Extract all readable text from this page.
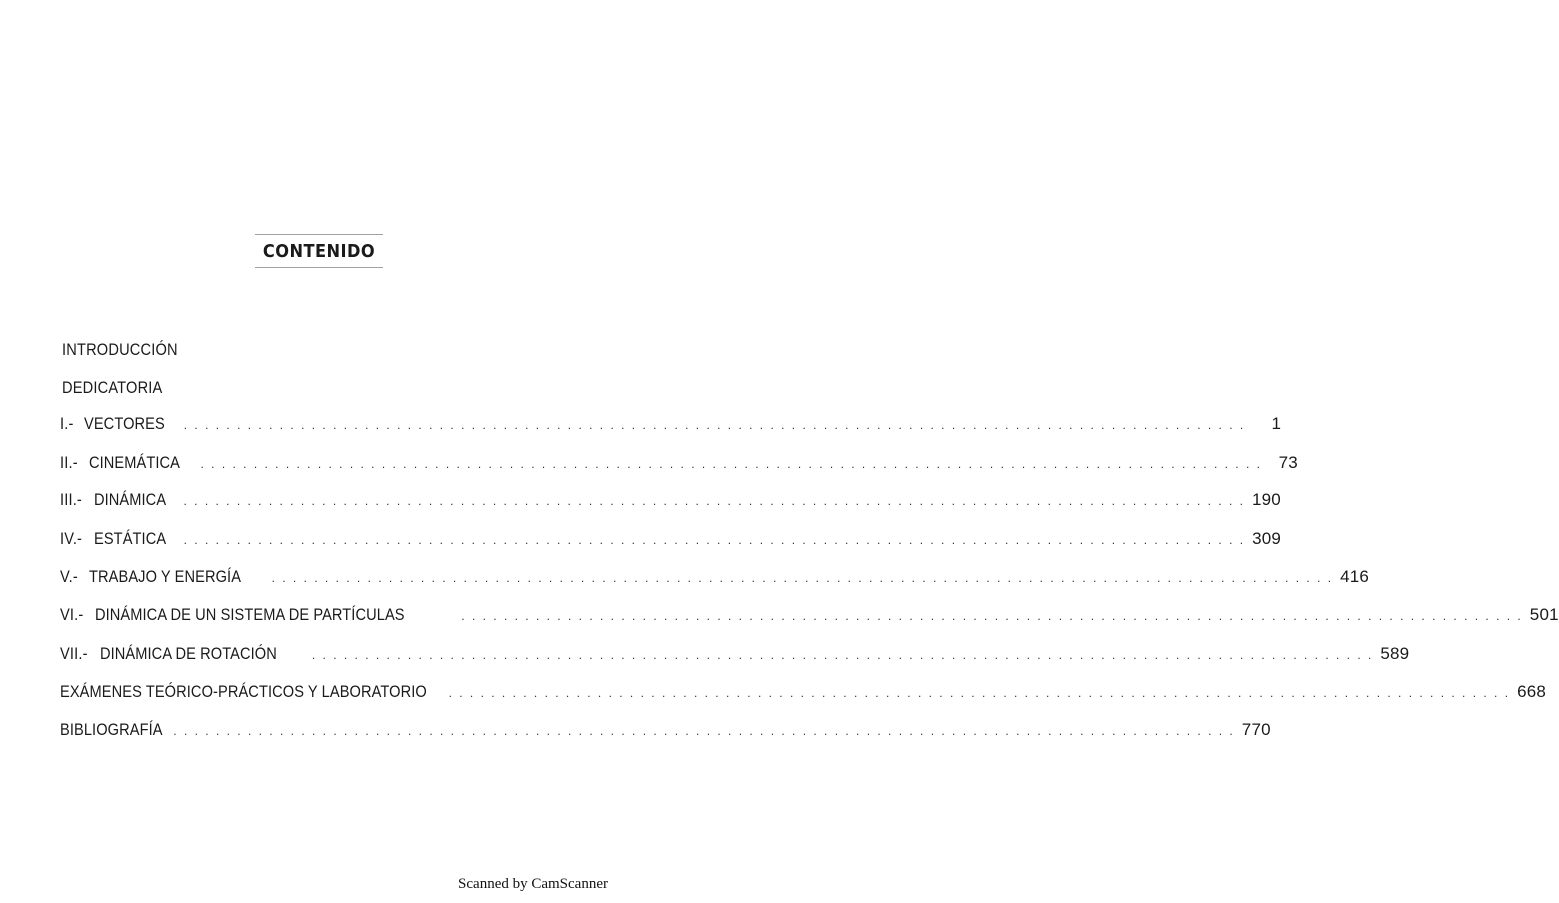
CONTENIDO
INTRODUCCIÓN
DEDICATORIA
I.- VECTORES . . . . . . . . . . . . . . . . . . . . . . . . . . . . . . . . . . . . . . . . . . . . . . . . . . . . . . . . . . . . . . . . . . . . . . . . . . . . . . . . . . . . . . . . . . . . . . . . . . . .	1
II.- CINEMÁTICA . . . . . . . . . . . . . . . . . . . . . . . . . . . . . . . . . . . . . . . . . . . . . . . . . . . . . . . . . . . . . . . . . . . . . . . . . . . . . . . . . . . . . . . . . . . . . . . . . . . . 73
III.- DINÁMICA . . . . . . . . . . . . . . . . . . . . . . . . . . . . . . . . . . . . . . . . . . . . . . . . . . . . . . . . . . . . . . . . . . . . . . . . . . . . . . . . . . . . . . . . . . . . . . . . . . . . 190
IV.- ESTÁTICA . . . . . . . . . . . . . . . . . . . . . . . . . . . . . . . . . . . . . . . . . . . . . . . . . . . . . . . . . . . . . . . . . . . . . . . . . . . . . . . . . . . . . . . . . . . . . . . . . . . . 309
V.- TRABAJO Y ENERGÍA	. . . . . . . . . . . . . . . . . . . . . . . . . . . . . . . . . . . . . . . . . . . . . . . . . . . . . . . . . . . . . . . . . . . . . . . . . . . . . . . . . . . . . . . . . . . . . . . . . . . . 416
VI.- DINÁMICA DE UN SISTEMA DE PARTÍCULAS	. . . . . . . . . . . . . . . . . . . . . . . . . . . . . . . . . . . . . . . . . . . . . . . . . . . . . . . . . . . . . . . . . . . . . . . . . . . . . . . . . . . . . . . . . . . . . . . . . . . . 501
VII.- DINÁMICA DE ROTACIÓN	. . . . . . . . . . . . . . . . . . . . . . . . . . . . . . . . . . . . . . . . . . . . . . . . . . . . . . . . . . . . . . . . . . . . . . . . . . . . . . . . . . . . . . . . . . . . . . . . . . . . 589
EXÁMENES TEÓRICO-PRÁCTICOS Y LABORATORIO . . . . . . . . . . . . . . . . . . . . . . . . . . . . . . . . . . . . . . . . . . . . . . . . . . . . . . . . . . . . . . . . . . . . . . . . . . . . . . . . . . . . . . . . . . . . . . . . . . . . 668
BIBLIOGRAFÍA . . . . . . . . . . . . . . . . . . . . . . . . . . . . . . . . . . . . . . . . . . . . . . . . . . . . . . . . . . . . . . . . . . . . . . . . . . . . . . . . . . . . . . . . . . . . . . . . . . . . 770
Scanned by CamScanner
